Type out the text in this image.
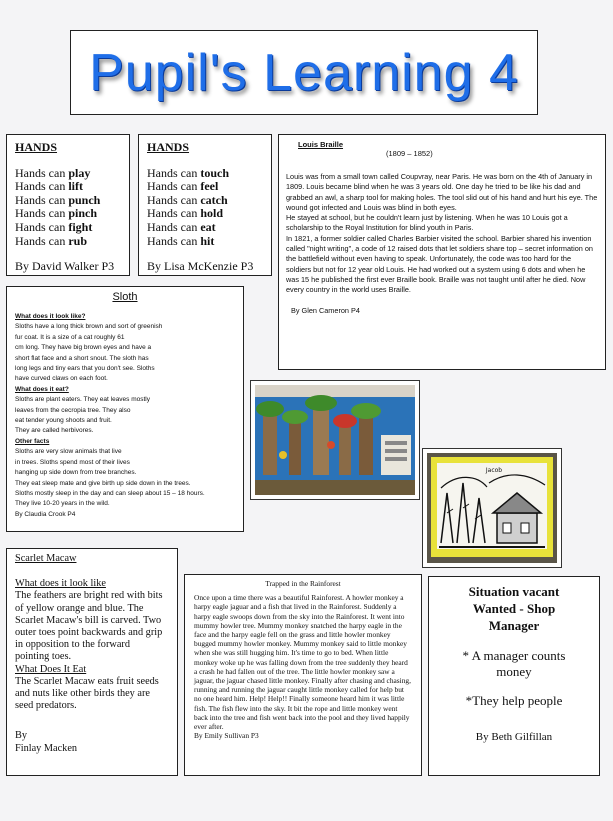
Pupil's Learning 4
HANDS
Hands can play
Hands can lift
Hands can punch
Hands can pinch
Hands can fight
Hands can rub
By David Walker P3
HANDS
Hands can touch
Hands can feel
Hands can catch
Hands can hold
Hands can eat
Hands can hit
By Lisa McKenzie P3
Louis Braille
(1809 – 1852)

Louis was from a small town called Coupvray, near Paris. He was born on the 4th of January in 1809. Louis became blind when he was 3 years old. One day he tried to be like his dad and grabbed an awl, a sharp tool for making holes. The tool slid out of his hand and hurt his eye. The wound got infected and Louis was blind in both eyes.

He stayed at school, but he couldn't learn just by listening. When he was 10 Louis got a scholarship to the Royal Institution for blind youth in Paris.

In 1821, a former soldier called Charles Barbier visited the school. Barbier shared his invention called "night writing", a code of 12 raised dots that let soldiers share top – secret information on the battlefield without even having to speak. Unfortunately, the code was too hard for the soldiers but not for 12 year old Louis. He had worked out a system using 6 dots and when he was 15 he published the first ever Braille book. Braille was not taught until after he died. Now every country in the world uses Braille.

By Glen Cameron P4
Sloth
What does it look like?
Sloths have a long thick brown and sort of greenish
fur coat. It is a size of a cat roughly 61
cm long. They have big brown eyes and have a
short flat face and a short snout. The sloth has
long legs and tiny ears that you don't see. Sloths
have curved claws on each foot.
What does it eat?
Sloths are plant eaters. They eat leaves mostly
leaves from the cecropia tree. They also
eat tender young shoots and fruit.
They are called herbivores.
Other facts
Sloths are very slow animals that live
in trees. Sloths spend most of their lives
hanging up side down from tree branches.
They eat sleep mate and give birth up side down in the trees.
Sloths mostly sleep in the day and can sleep about 15 – 18 hours.
They live 10-20 years in the wild.
By Claudia Crook P4
Jacob
Scarlet Macaw
What does it look like
The feathers are bright red with bits
of yellow orange and blue. The
Scarlet Macaw's bill is carved. Two
outer toes point backwards and grip
in opposition to the forward
pointing toes.
What Does It Eat
The Scarlet Macaw eats fruit seeds
and nuts like other birds they are
seed predators.
By
Finlay Macken
Trapped in the Rainforest

Once upon a time there was a beautiful Rainforest. A howler monkey a harpy eagle jaguar and a fish that lived in the Rainforest. Suddenly a harpy eagle swoops down from the sky into the Rainforest. It went into mummy howler tree. Mummy monkey snatched the harpy eagle in the face and the harpy eagle fell on the grass and little howler monkey bugged mummy howler monkey. Mummy monkey said to little monkey when she was still hugging him. It's time to go to bed. When little monkey woke up he was falling down from the tree suddenly they heard a crash he had fallen out of the tree. The little howler monkey saw a jaguar, the jaguar chased little monkey. Finally after chasing and chasing, running and running the jaguar caught little monkey called for help but no one heard him. Help! Help!! Finally someone heard him it was little fish. The fish flew into the sky. It bit the rope and little monkey went back into the tree and fish went back into the pool and they lived happily ever after.

By Emily Sullivan P3
Situation vacant
Wanted - Shop
Manager
* A manager counts
money
*They help people
By Beth Gilfillan
